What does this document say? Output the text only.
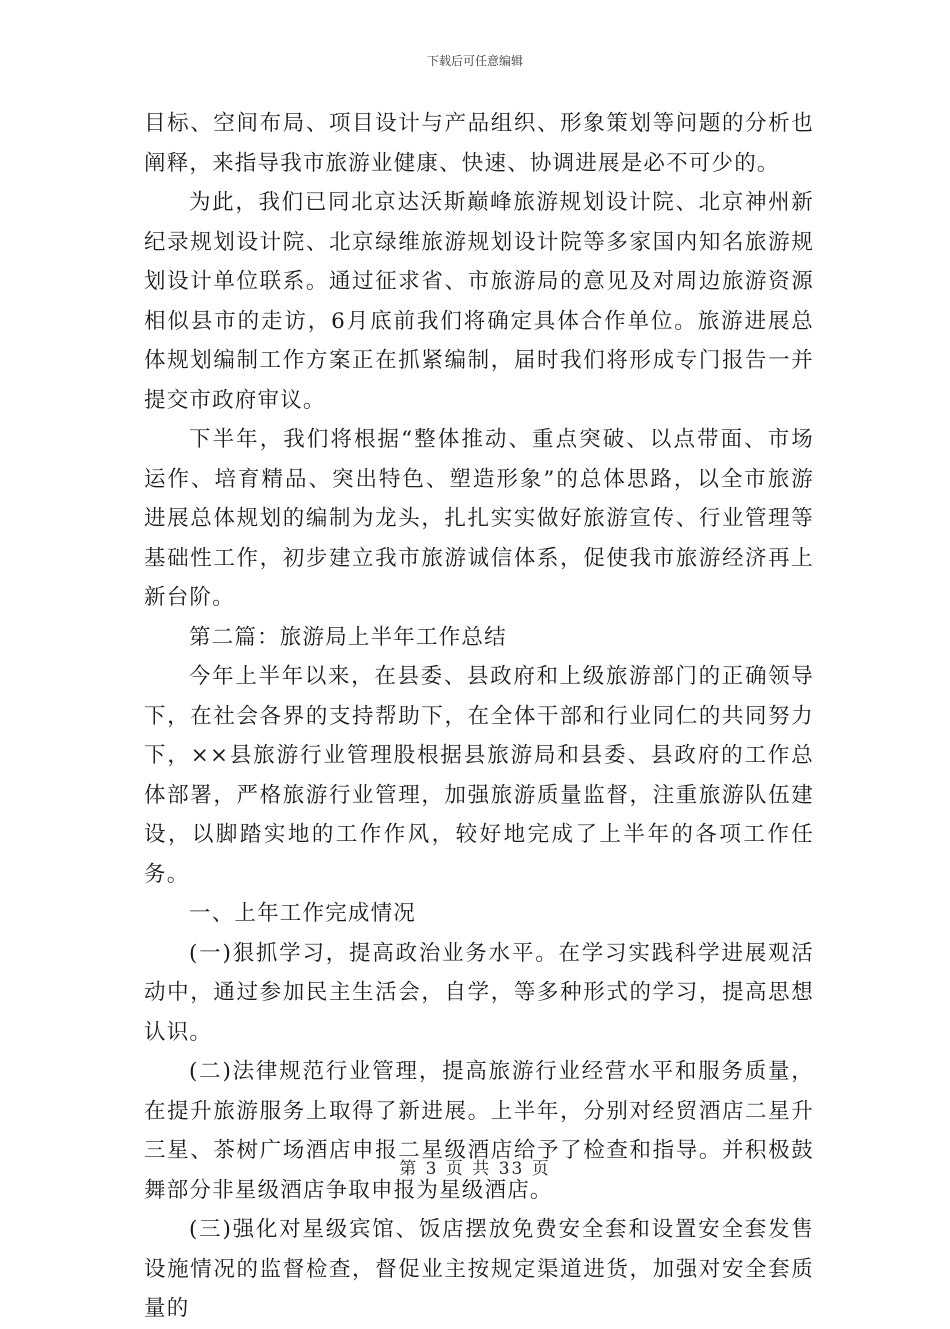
下载后可任意编辑

目标、空间布局、项目设计与产品组织、形象策划等问题的分析也阐释，来指导我市旅游业健康、快速、协调进展是必不可少的。

为此，我们已同北京达沃斯巅峰旅游规划设计院、北京神州新纪录规划设计院、北京绿维旅游规划设计院等多家国内知名旅游规划设计单位联系。通过征求省、市旅游局的意见及对周边旅游资源相似县市的走访，6月底前我们将确定具体合作单位。旅游进展总体规划编制工作方案正在抓紧编制，届时我们将形成专门报告一并提交市政府审议。

下半年，我们将根据“整体推动、重点突破、以点带面、市场运作、培育精品、突出特色、塑造形象”的总体思路，以全市旅游进展总体规划的编制为龙头，扎扎实实做好旅游宣传、行业管理等基础性工作，初步建立我市旅游诚信体系，促使我市旅游经济再上新台阶。

第二篇：旅游局上半年工作总结

今年上半年以来，在县委、县政府和上级旅游部门的正确领导下，在社会各界的支持帮助下，在全体干部和行业同仁的共同努力下，××县旅游行业管理股根据县旅游局和县委、县政府的工作总体部署，严格旅游行业管理，加强旅游质量监督，注重旅游队伍建设，以脚踏实地的工作作风，较好地完成了上半年的各项工作任务。

一、上年工作完成情况

(一)狠抓学习，提高政治业务水平。在学习实践科学进展观活动中，通过参加民主生活会，自学，等多种形式的学习，提高思想认识。

(二)法律规范行业管理，提高旅游行业经营水平和服务质量，在提升旅游服务上取得了新进展。上半年，分别对经贸酒店二星升三星、茶树广场酒店申报二星级酒店给予了检查和指导。并积极鼓舞部分非星级酒店争取申报为星级酒店。

(三)强化对星级宾馆、饭店摆放免费安全套和设置安全套发售设施情况的监督检查，督促业主按规定渠道进货，加强对安全套质量的

第 3 页 共 33 页
